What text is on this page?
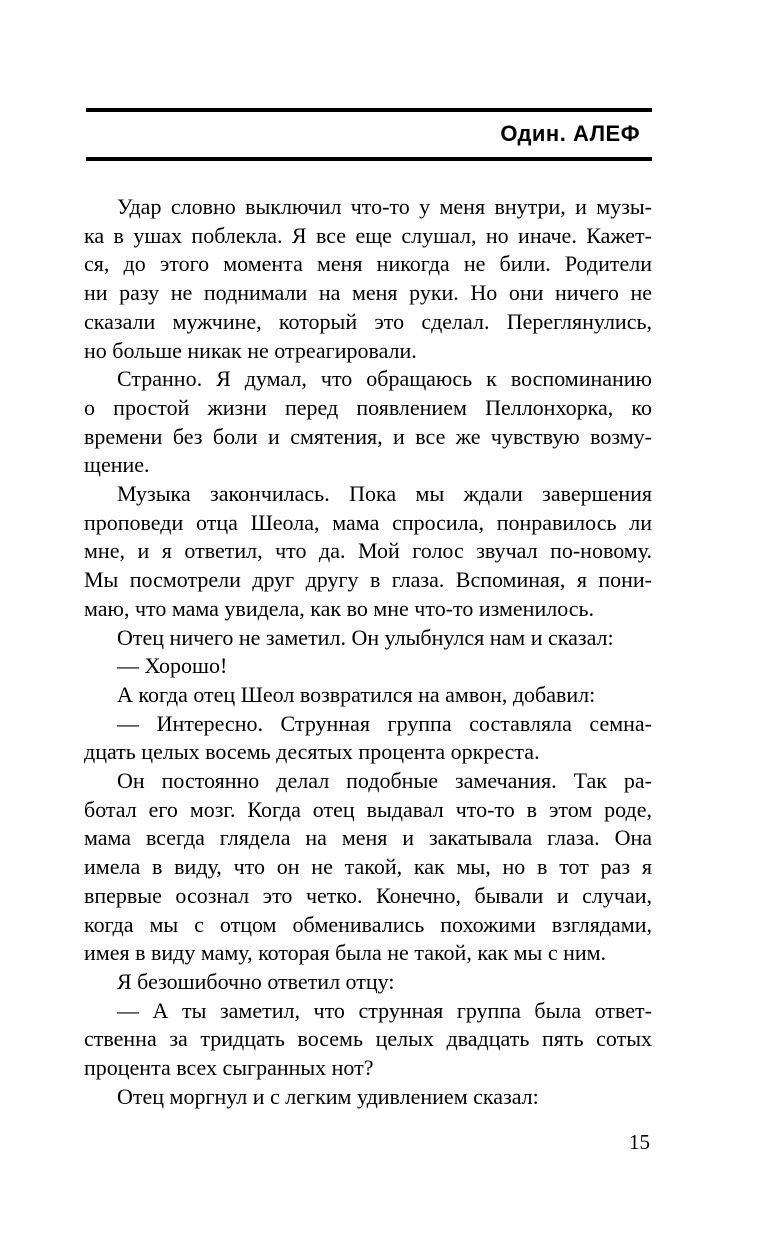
Один. АЛЕФ
Удар словно выключил что-то у меня внутри, и музы-
ка в ушах поблекла. Я все еще слушал, но иначе. Кажет-
ся, до этого момента меня никогда не били. Родители
ни разу не поднимали на меня руки. Но они ничего не
сказали мужчине, который это сделал. Переглянулись,
но больше никак не отреагировали.
Странно. Я думал, что обращаюсь к воспоминанию
о простой жизни перед появлением Пеллонхорка, ко
времени без боли и смятения, и все же чувствую возму-
щение.
Музыка закончилась. Пока мы ждали завершения
проповеди отца Шеола, мама спросила, понравилось ли
мне, и я ответил, что да. Мой голос звучал по-новому.
Мы посмотрели друг другу в глаза. Вспоминая, я пони-
маю, что мама увидела, как во мне что-то изменилось.
Отец ничего не заметил. Он улыбнулся нам и сказал:
— Хорошо!
А когда отец Шеол возвратился на амвон, добавил:
— Интересно. Струнная группа составляла семна-
дцать целых восемь десятых процента оркреста.
Он постоянно делал подобные замечания. Так ра-
ботал его мозг. Когда отец выдавал что-то в этом роде,
мама всегда глядела на меня и закатывала глаза. Она
имела в виду, что он не такой, как мы, но в тот раз я
впервые осознал это четко. Конечно, бывали и случаи,
когда мы с отцом обменивались похожими взглядами,
имея в виду маму, которая была не такой, как мы с ним.
Я безошибочно ответил отцу:
— А ты заметил, что струнная группа была ответ-
ственна за тридцать восемь целых двадцать пять сотых
процента всех сыгранных нот?
Отец моргнул и с легким удивлением сказал:
15
